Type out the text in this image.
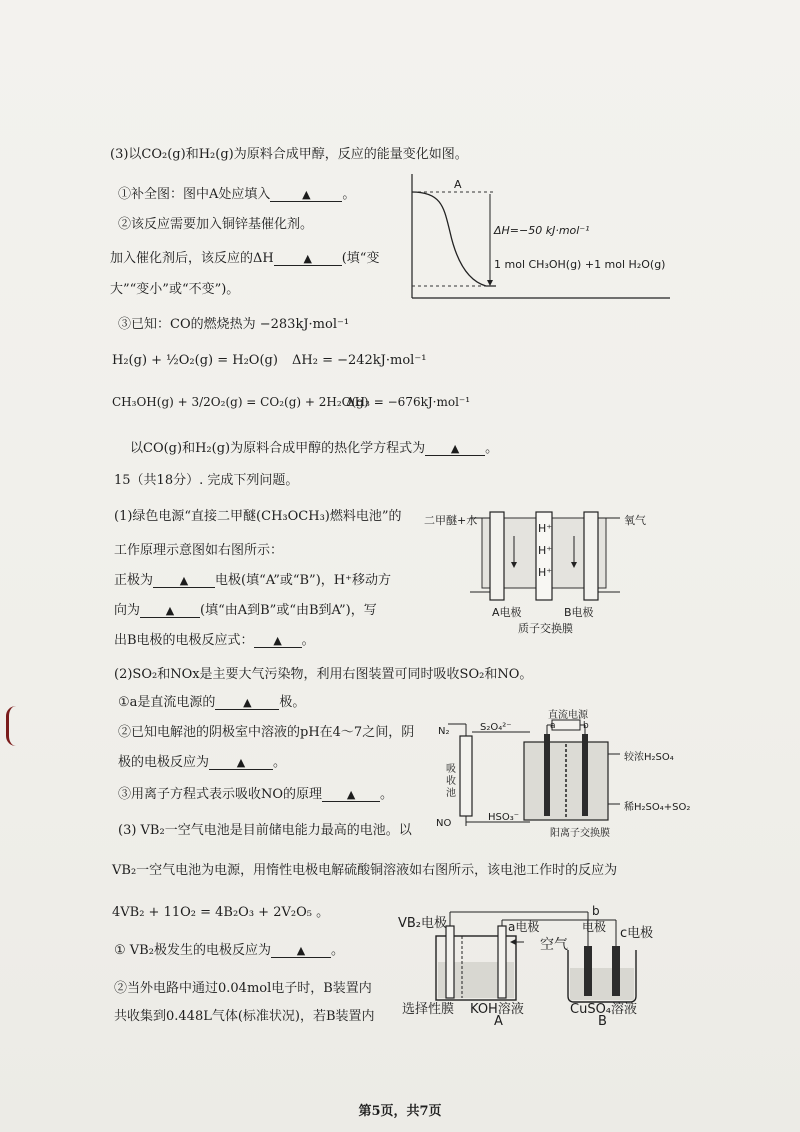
(3)以CO₂(g)和H₂(g)为原料合成甲醇，反应的能量变化如图。
①补全图：图中A处应填入	▲ 。
②该反应需要加入铜锌基催化剂。
加入催化剂后，该反应的ΔH	▲ (填“变
大”“变小”或“不变”)。
A
ΔH=−50 kJ·mol⁻¹
1 mol CH₃OH(g) +1 mol H₂O(g)
③已知：CO的燃烧热为 −283kJ·mol⁻¹
H₂(g) + ½O₂(g) = H₂O(g) ΔH₂ = −242kJ·mol⁻¹
CH₃OH(g) + 3/2O₂(g) = CO₂(g) + 2H₂O(g)
ΔH₃ = −676kJ·mol⁻¹
以CO(g)和H₂(g)为原料合成甲醇的热化学方程式为 ▲ 。
15（共18分）. 完成下列问题。
(1)绿色电源“直接二甲醚(CH₃OCH₃)燃料电池”的
工作原理示意图如右图所示：
正极为 ▲ 电极(填“A”或“B”)，H⁺移动方
向为 ▲ (填“由A到B”或“由B到A”)，写
出B电极的电极反应式： ▲ 。
二甲醚+水	氧气
H⁺
H⁺
H⁺
A电极	B电极
质子交换膜
(2)SO₂和NOx是主要大气污染物，利用右图装置可同时吸收SO₂和NO。
①a是直流电源的	▲ 极。
②已知电解池的阴极室中溶液的pH在4～7之间，阴
极的电极反应为	▲ 。
③用离子方程式表示吸收NO的原理 ▲ 。
N₂	S₂O₄²⁻
直流电源
a	b
吸收池
较浓H₂SO₄
稀H₂SO₄+SO₂
NO
HSO₃⁻
阳离子交换膜
(3) VB₂一空气电池是目前储电能力最高的电池。以
VB₂一空气电池为电源，用惰性电极电解硫酸铜溶液如右图所示，该电池工作时的反应为
4VB₂ + 11O₂ = 4B₂O₃ + 2V₂O₅ 。
① VB₂极发生的电极反应为 ▲ 。
②当外电路中通过0.04mol电子时，B装置内
共收集到0.448L气体(标准状况)，若B装置内
VB₂电极	a电极
空气
b
电极 c电极
选择性膜 KOH溶液	CuSO₄溶液
A	B
第5页，共7页
